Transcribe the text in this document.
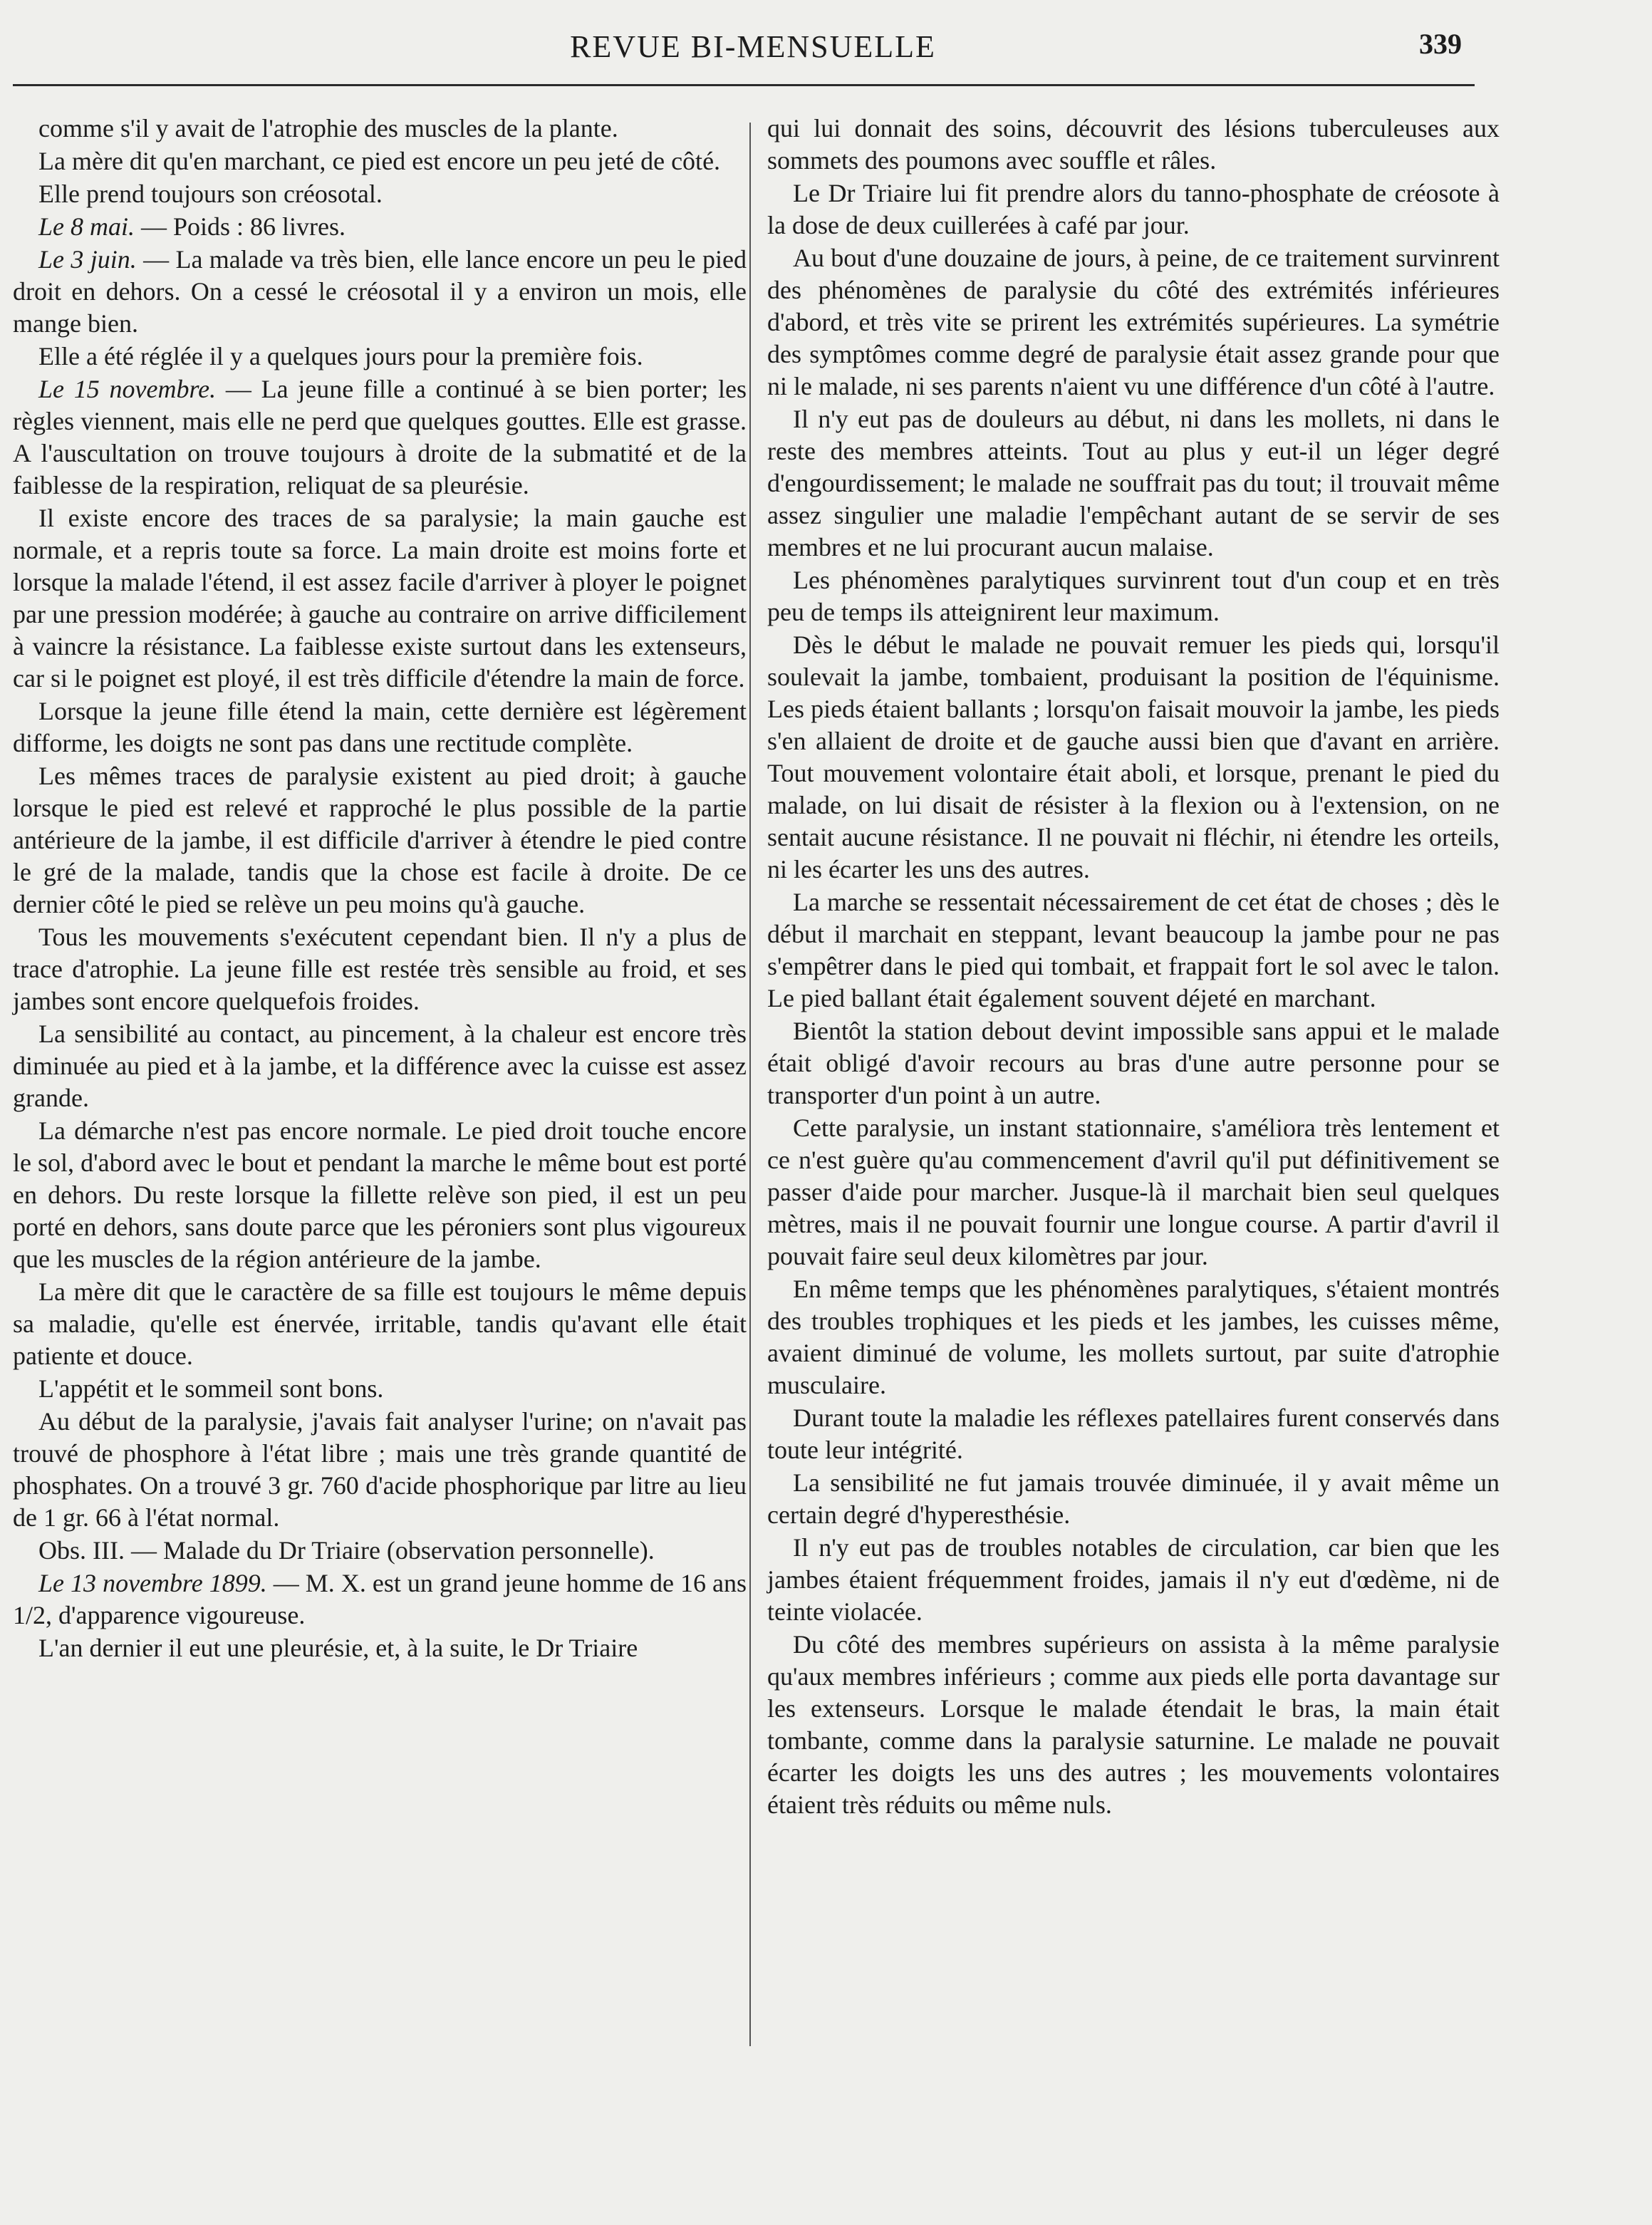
REVUE BI-MENSUELLE	339

comme s'il y avait de l'atrophie des muscles de la plante.

La mère dit qu'en marchant, ce pied est encore un peu jeté de côté.

Elle prend toujours son créosotal.

Le 8 mai. — Poids : 86 livres.

Le 3 juin. — La malade va très bien, elle lance encore un peu le pied droit en dehors. On a cessé le créosotal il y a environ un mois, elle mange bien.

Elle a été réglée il y a quelques jours pour la première fois.

Le 15 novembre. — La jeune fille a continué à se bien porter; les règles viennent, mais elle ne perd que quelques gouttes. Elle est grasse. A l'auscultation on trouve toujours à droite de la submatité et de la faiblesse de la respiration, reliquat de sa pleurésie.

Il existe encore des traces de sa paralysie; la main gauche est normale, et a repris toute sa force. La main droite est moins forte et lorsque la malade l'étend, il est assez facile d'arriver à ployer le poignet par une pression modérée; à gauche au contraire on arrive difficilement à vaincre la résistance. La faiblesse existe surtout dans les extenseurs, car si le poignet est ployé, il est très difficile d'étendre la main de force.

Lorsque la jeune fille étend la main, cette dernière est légèrement difforme, les doigts ne sont pas dans une rectitude complète.

Les mêmes traces de paralysie existent au pied droit; à gauche lorsque le pied est relevé et rapproché le plus possible de la partie antérieure de la jambe, il est difficile d'arriver à étendre le pied contre le gré de la malade, tandis que la chose est facile à droite. De ce dernier côté le pied se relève un peu moins qu'à gauche.

Tous les mouvements s'exécutent cependant bien. Il n'y a plus de trace d'atrophie. La jeune fille est restée très sensible au froid, et ses jambes sont encore quelquefois froides.

La sensibilité au contact, au pincement, à la chaleur est encore très diminuée au pied et à la jambe, et la différence avec la cuisse est assez grande.

La démarche n'est pas encore normale. Le pied droit touche encore le sol, d'abord avec le bout et pendant la marche le même bout est porté en dehors. Du reste lorsque la fillette relève son pied, il est un peu porté en dehors, sans doute parce que les péroniers sont plus vigoureux que les muscles de la région antérieure de la jambe.

La mère dit que le caractère de sa fille est toujours le même depuis sa maladie, qu'elle est énervée, irritable, tandis qu'avant elle était patiente et douce.

L'appétit et le sommeil sont bons.

Au début de la paralysie, j'avais fait analyser l'urine; on n'avait pas trouvé de phosphore à l'état libre ; mais une très grande quantité de phosphates. On a trouvé 3 gr. 760 d'acide phosphorique par litre au lieu de 1 gr. 66 à l'état normal.

Obs. III. — Malade du Dr Triaire (observation personnelle).

Le 13 novembre 1899. — M. X. est un grand jeune homme de 16 ans 1/2, d'apparence vigoureuse.

L'an dernier il eut une pleurésie, et, à la suite, le Dr Triaire

qui lui donnait des soins, découvrit des lésions tuberculeuses aux sommets des poumons avec souffle et râles.

Le Dr Triaire lui fit prendre alors du tanno-phosphate de créosote à la dose de deux cuillerées à café par jour.

Au bout d'une douzaine de jours, à peine, de ce traitement survinrent des phénomènes de paralysie du côté des extrémités inférieures d'abord, et très vite se prirent les extrémités supérieures. La symétrie des symptômes comme degré de paralysie était assez grande pour que ni le malade, ni ses parents n'aient vu une différence d'un côté à l'autre.

Il n'y eut pas de douleurs au début, ni dans les mollets, ni dans le reste des membres atteints. Tout au plus y eut-il un léger degré d'engourdissement; le malade ne souffrait pas du tout; il trouvait même assez singulier une maladie l'empêchant autant de se servir de ses membres et ne lui procurant aucun malaise.

Les phénomènes paralytiques survinrent tout d'un coup et en très peu de temps ils atteignirent leur maximum.

Dès le début le malade ne pouvait remuer les pieds qui, lorsqu'il soulevait la jambe, tombaient, produisant la position de l'équinisme. Les pieds étaient ballants ; lorsqu'on faisait mouvoir la jambe, les pieds s'en allaient de droite et de gauche aussi bien que d'avant en arrière. Tout mouvement volontaire était aboli, et lorsque, prenant le pied du malade, on lui disait de résister à la flexion ou à l'extension, on ne sentait aucune résistance. Il ne pouvait ni fléchir, ni étendre les orteils, ni les écarter les uns des autres.

La marche se ressentait nécessairement de cet état de choses ; dès le début il marchait en steppant, levant beaucoup la jambe pour ne pas s'empêtrer dans le pied qui tombait, et frappait fort le sol avec le talon. Le pied ballant était également souvent déjeté en marchant.

Bientôt la station debout devint impossible sans appui et le malade était obligé d'avoir recours au bras d'une autre personne pour se transporter d'un point à un autre.

Cette paralysie, un instant stationnaire, s'améliora très lentement et ce n'est guère qu'au commencement d'avril qu'il put définitivement se passer d'aide pour marcher. Jusque-là il marchait bien seul quelques mètres, mais il ne pouvait fournir une longue course. A partir d'avril il pouvait faire seul deux kilomètres par jour.

En même temps que les phénomènes paralytiques, s'étaient montrés des troubles trophiques et les pieds et les jambes, les cuisses même, avaient diminué de volume, les mollets surtout, par suite d'atrophie musculaire.

Durant toute la maladie les réflexes patellaires furent conservés dans toute leur intégrité.

La sensibilité ne fut jamais trouvée diminuée, il y avait même un certain degré d'hyperesthésie.

Il n'y eut pas de troubles notables de circulation, car bien que les jambes étaient fréquemment froides, jamais il n'y eut d'œdème, ni de teinte violacée.

Du côté des membres supérieurs on assista à la même paralysie qu'aux membres inférieurs ; comme aux pieds elle porta davantage sur les extenseurs. Lorsque le malade étendait le bras, la main était tombante, comme dans la paralysie saturnine. Le malade ne pouvait écarter les doigts les uns des autres ; les mouvements volontaires étaient très réduits ou même nuls.
